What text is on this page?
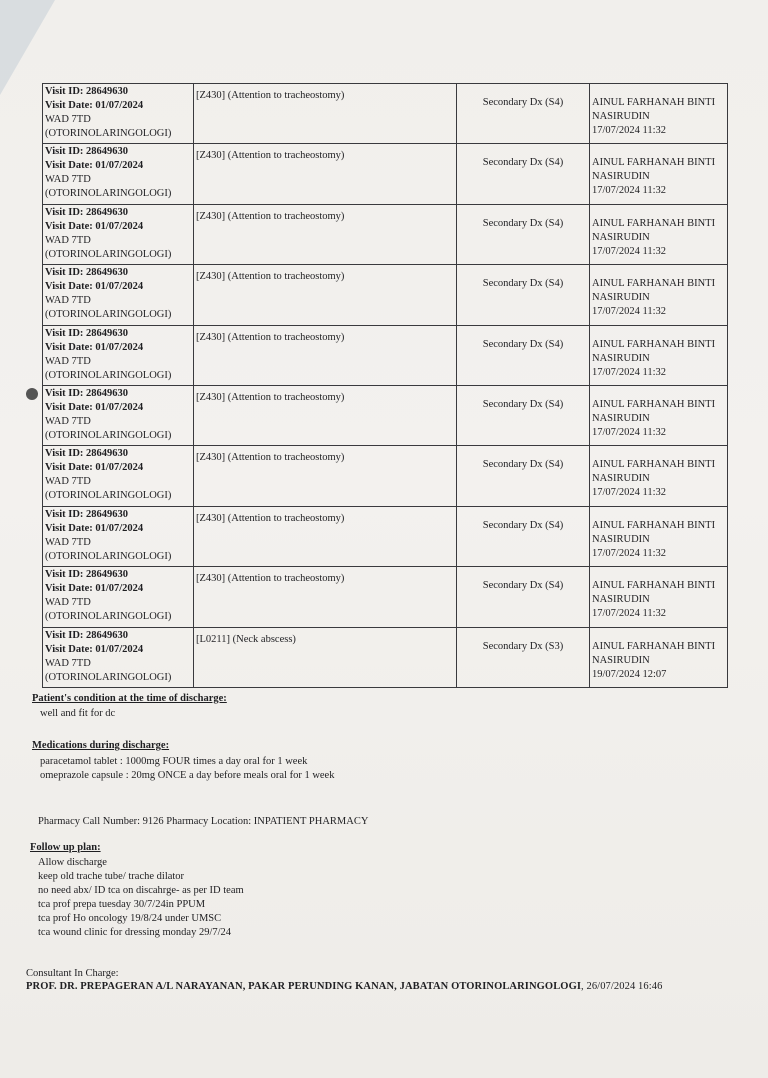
Visit ID: 28649630
Visit Date: 01/07/2024
WAD 7TD
(OTORINOLARINGOLOGI)	[Z430] (Attention to tracheostomy)	Secondary Dx (S4)	AINUL FARHANAH BINTI
NASIRUDIN
17/07/2024 11:32

Visit ID: 28649630
Visit Date: 01/07/2024
WAD 7TD
(OTORINOLARINGOLOGI)	[Z430] (Attention to tracheostomy)	Secondary Dx (S4)	AINUL FARHANAH BINTI
NASIRUDIN
17/07/2024 11:32

Visit ID: 28649630
Visit Date: 01/07/2024
WAD 7TD
(OTORINOLARINGOLOGI)	[Z430] (Attention to tracheostomy)	Secondary Dx (S4)	AINUL FARHANAH BINTI
NASIRUDIN
17/07/2024 11:32

Visit ID: 28649630
Visit Date: 01/07/2024
WAD 7TD
(OTORINOLARINGOLOGI)	[Z430] (Attention to tracheostomy)	Secondary Dx (S4)	AINUL FARHANAH BINTI
NASIRUDIN
17/07/2024 11:32

Visit ID: 28649630
Visit Date: 01/07/2024
WAD 7TD
(OTORINOLARINGOLOGI)	[Z430] (Attention to tracheostomy)	Secondary Dx (S4)	AINUL FARHANAH BINTI
NASIRUDIN
17/07/2024 11:32

Visit ID: 28649630
Visit Date: 01/07/2024
WAD 7TD
(OTORINOLARINGOLOGI)	[Z430] (Attention to tracheostomy)	Secondary Dx (S4)	AINUL FARHANAH BINTI
NASIRUDIN
17/07/2024 11:32

Visit ID: 28649630
Visit Date: 01/07/2024
WAD 7TD
(OTORINOLARINGOLOGI)	[Z430] (Attention to tracheostomy)	Secondary Dx (S4)	AINUL FARHANAH BINTI
NASIRUDIN
17/07/2024 11:32

Visit ID: 28649630
Visit Date: 01/07/2024
WAD 7TD
(OTORINOLARINGOLOGI)	[Z430] (Attention to tracheostomy)	Secondary Dx (S4)	AINUL FARHANAH BINTI
NASIRUDIN
17/07/2024 11:32

Visit ID: 28649630
Visit Date: 01/07/2024
WAD 7TD
(OTORINOLARINGOLOGI)	[Z430] (Attention to tracheostomy)	Secondary Dx (S4)	AINUL FARHANAH BINTI
NASIRUDIN
17/07/2024 11:32

Visit ID: 28649630
Visit Date: 01/07/2024
WAD 7TD
(OTORINOLARINGOLOGI)	[L0211] (Neck abscess)	Secondary Dx (S3)	AINUL FARHANAH BINTI
NASIRUDIN
19/07/2024 12:07
Patient's condition at the time of discharge:
well and fit for dc
Medications during discharge:
paracetamol tablet : 1000mg FOUR times a day oral for 1 week
omeprazole capsule : 20mg ONCE a day before meals oral for 1 week
Pharmacy Call Number: 9126 Pharmacy Location: INPATIENT PHARMACY
Follow up plan:
Allow discharge
keep old trache tube/ trache dilator
no need abx/ ID tca on discahrge- as per ID team
tca prof prepa tuesday 30/7/24in PPUM
tca prof Ho oncology 19/8/24 under UMSC
tca wound clinic for dressing monday 29/7/24
Consultant In Charge:
PROF. DR. PREPAGERAN A/L NARAYANAN, PAKAR PERUNDING KANAN, JABATAN OTORINOLARINGOLOGI, 26/07/2024 16:46
